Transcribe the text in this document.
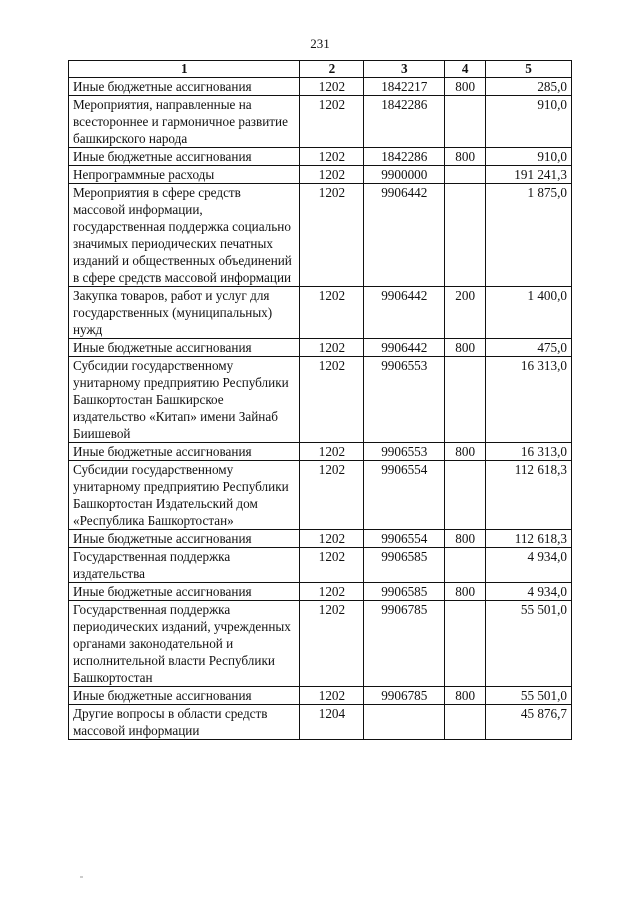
231
1	2	3	4	5
Иные бюджетные ассигнования	1202	1842217	800	285,0
Мероприятия, направленные на всестороннее и гармоничное развитие башкирского народа	1202	1842286		910,0
Иные бюджетные ассигнования	1202	1842286	800	910,0
Непрограммные расходы	1202	9900000		191 241,3
Мероприятия в сфере средств массовой информации, государственная поддержка социально значимых периодических печатных изданий и общественных объединений в сфере средств массовой информации	1202	9906442		1 875,0
Закупка товаров, работ и услуг для государственных (муниципальных) нужд	1202	9906442	200	1 400,0
Иные бюджетные ассигнования	1202	9906442	800	475,0
Субсидии государственному унитарному предприятию Республики Башкортостан Башкирское издательство «Китап» имени Зайнаб Биишевой	1202	9906553		16 313,0
Иные бюджетные ассигнования	1202	9906553	800	16 313,0
Субсидии государственному унитарному предприятию Республики Башкортостан Издательский дом «Республика Башкортостан»	1202	9906554		112 618,3
Иные бюджетные ассигнования	1202	9906554	800	112 618,3
Государственная поддержка издательства	1202	9906585		4 934,0
Иные бюджетные ассигнования	1202	9906585	800	4 934,0
Государственная поддержка периодических изданий, учрежденных органами законодательной и исполнительной власти Республики Башкортостан	1202	9906785		55 501,0
Иные бюджетные ассигнования	1202	9906785	800	55 501,0
Другие вопросы в области средств массовой информации	1204			45 876,7
